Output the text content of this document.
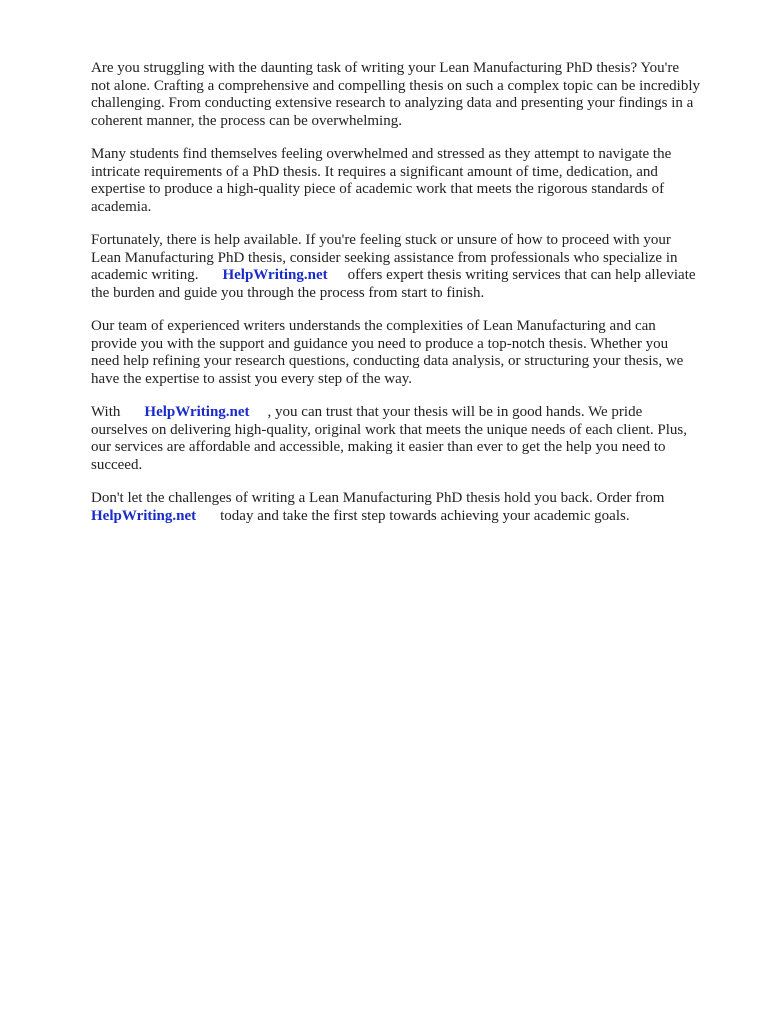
Are you struggling with the daunting task of writing your Lean Manufacturing PhD thesis? You're
not alone. Crafting a comprehensive and compelling thesis on such a complex topic can be incredibly
challenging. From conducting extensive research to analyzing data and presenting your findings in a
coherent manner, the process can be overwhelming.

Many students find themselves feeling overwhelmed and stressed as they attempt to navigate the
intricate requirements of a PhD thesis. It requires a significant amount of time, dedication, and
expertise to produce a high-quality piece of academic work that meets the rigorous standards of
academia.

Fortunately, there is help available. If you're feeling stuck or unsure of how to proceed with your
Lean Manufacturing PhD thesis, consider seeking assistance from professionals who specialize in
academic writing. HelpWriting.net offers expert thesis writing services that can help alleviate
the burden and guide you through the process from start to finish.

Our team of experienced writers understands the complexities of Lean Manufacturing and can
provide you with the support and guidance you need to produce a top-notch thesis. Whether you
need help refining your research questions, conducting data analysis, or structuring your thesis, we
have the expertise to assist you every step of the way.

With HelpWriting.net , you can trust that your thesis will be in good hands. We pride
ourselves on delivering high-quality, original work that meets the unique needs of each client. Plus,
our services are affordable and accessible, making it easier than ever to get the help you need to
succeed.

Don't let the challenges of writing a Lean Manufacturing PhD thesis hold you back. Order from
HelpWriting.net today and take the first step towards achieving your academic goals.
